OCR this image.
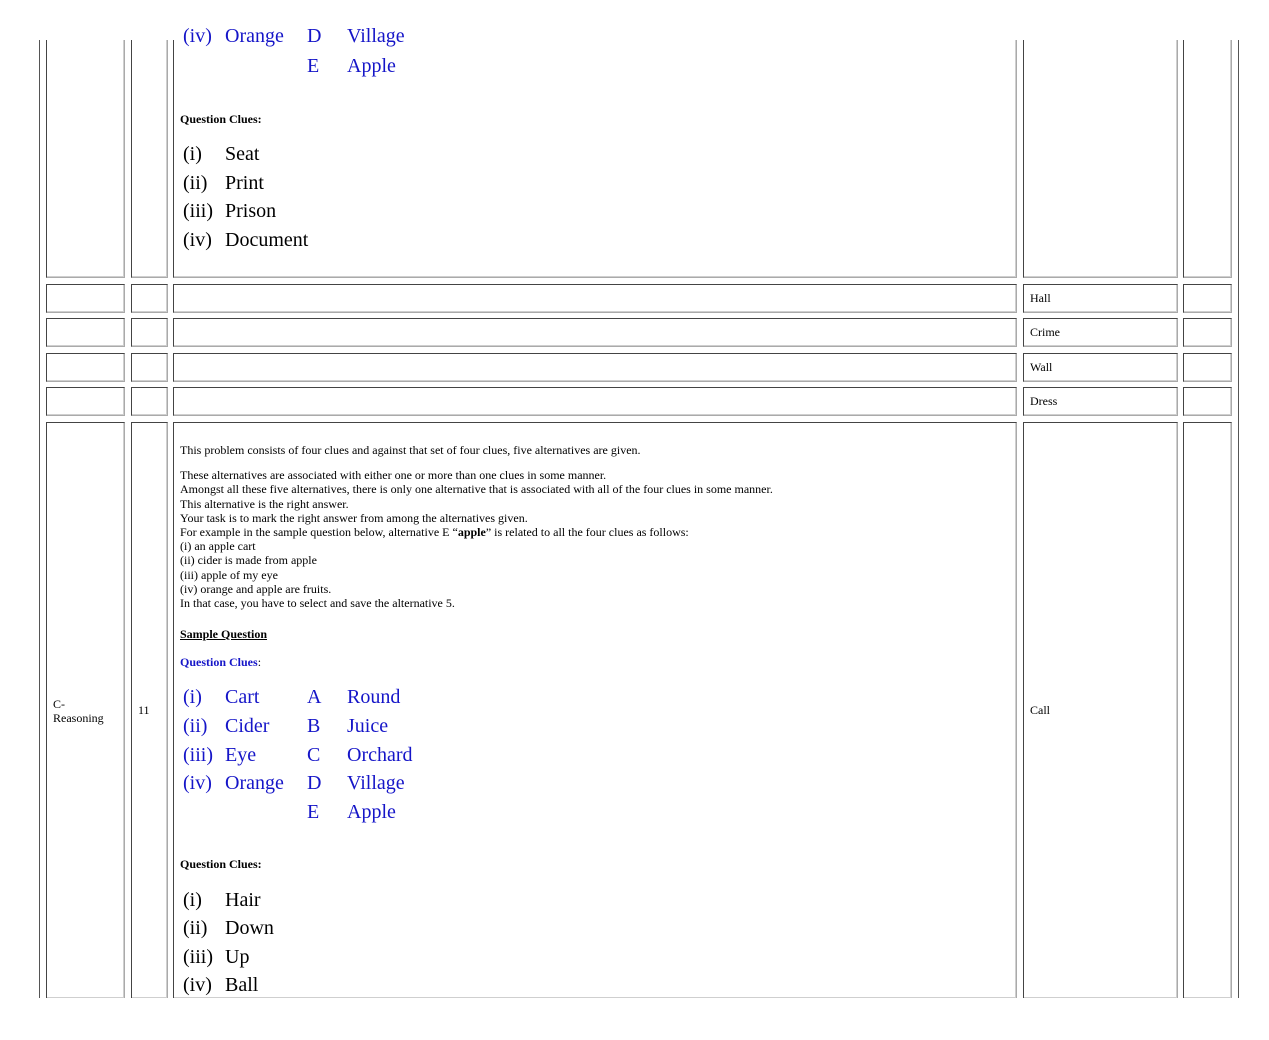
(iv) Orange D Village
E Apple
Question Clues:
(i) Seat
(ii) Print
(iii) Prison
(iv) Document
Hall
Crime
Wall
Dress
C-
Reasoning
11	Call

This problem consists of four clues and against that set of four clues, five alternatives are given.

These alternatives are associated with either one or more than one clues in some manner.

Amongst all these five alternatives, there is only one alternative that is associated with all of the four clues in some manner.

This alternative is the right answer.

Your task is to mark the right answer from among the alternatives given.

For example in the sample question below, alternative E “apple” is related to all the four clues as follows:

(i) an apple cart

(ii) cider is made from apple

(iii) apple of my eye

(iv) orange and apple are fruits.

In that case, you have to select and save the alternative 5.

Sample Question
Question Clues:
(i) Cart A Round
(ii) Cider B Juice
(iii) Eye	C Orchard
(iv) Orange D Village
E Apple
Question Clues:
(i) Hair
(ii) Down
(iii) Up
(iv) Ball
